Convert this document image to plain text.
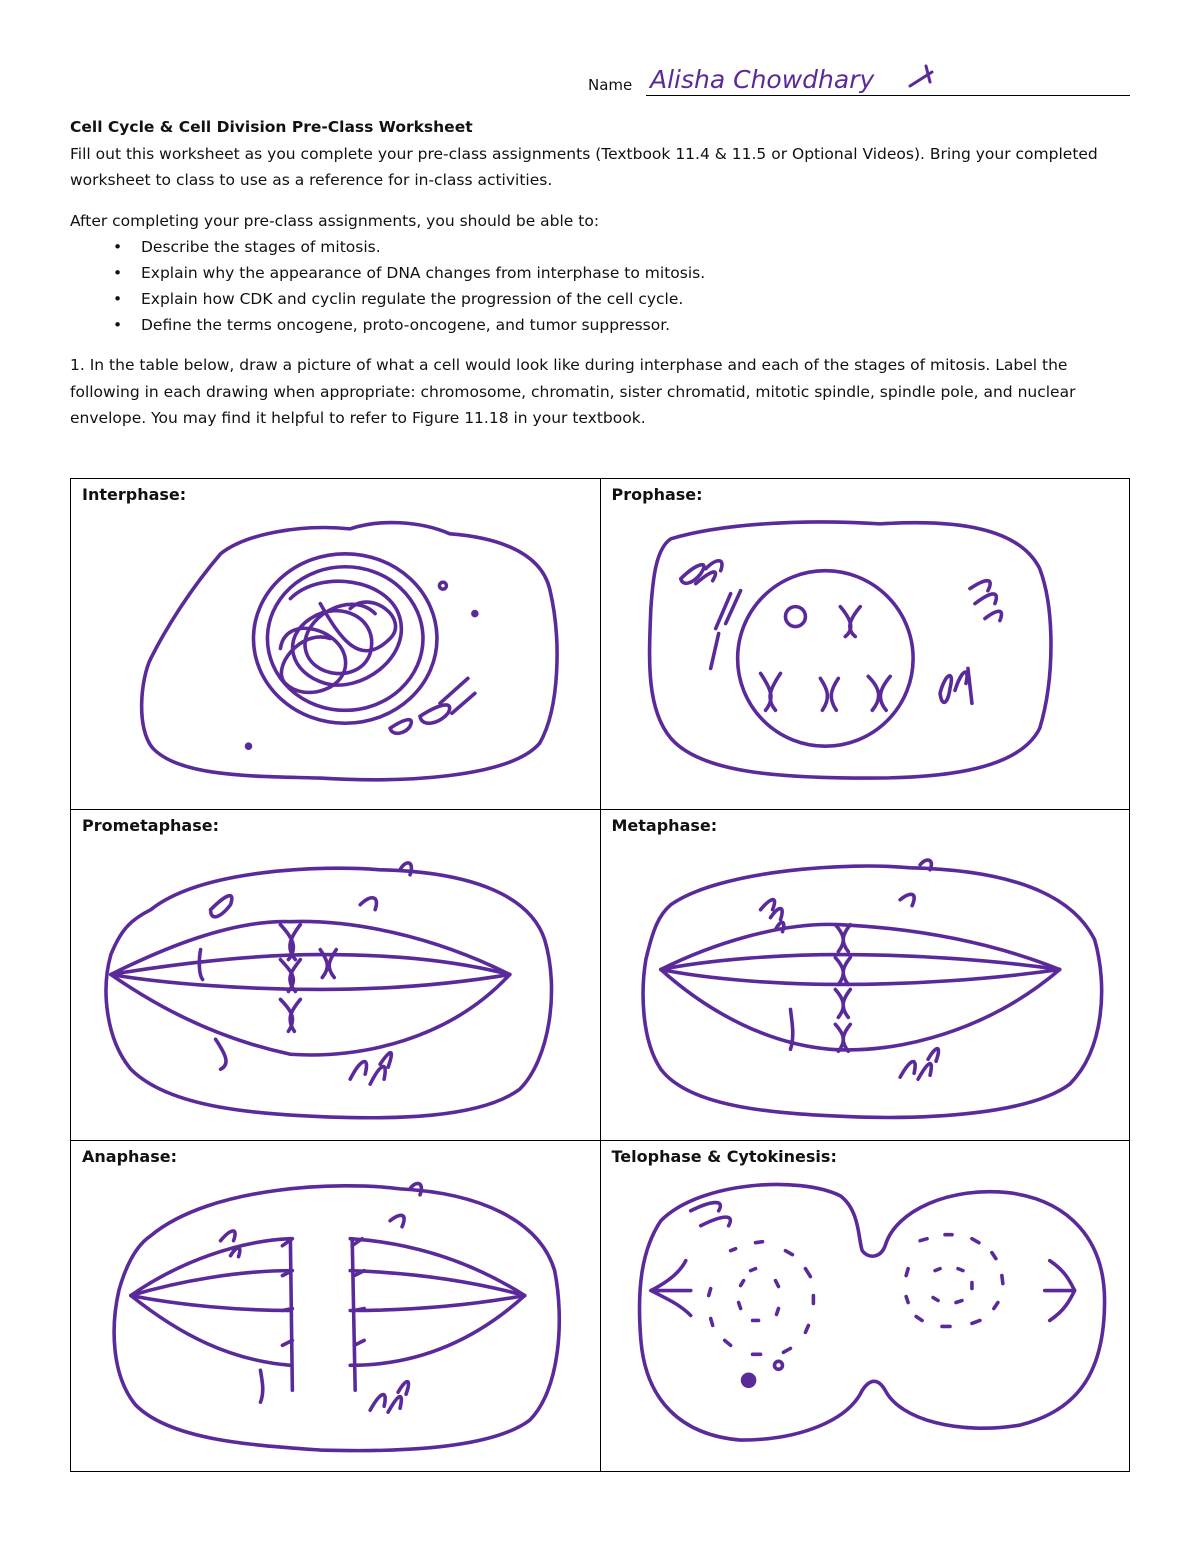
Name Alisha Chowdhary
Cell Cycle & Cell Division Pre-Class Worksheet

Fill out this worksheet as you complete your pre-class assignments (Textbook 11.4 & 11.5 or Optional Videos). Bring your completed worksheet to class to use as a reference for in-class activities.

After completing your pre-class assignments, you should be able to:

• Describe the stages of mitosis.
• Explain why the appearance of DNA changes from interphase to mitosis.
• Explain how CDK and cyclin regulate the progression of the cell cycle.
• Define the terms oncogene, proto-oncogene, and tumor suppressor.

1. In the table below, draw a picture of what a cell would look like during interphase and each of the stages of mitosis. Label the following in each drawing when appropriate: chromosome, chromatin, sister chromatid, mitotic spindle, spindle pole, and nuclear envelope. You may find it helpful to refer to Figure 11.18 in your textbook.

Interphase:	Prophase:

Prometaphase:	Metaphase:

Anaphase:	Telophase & Cytokinesis:
